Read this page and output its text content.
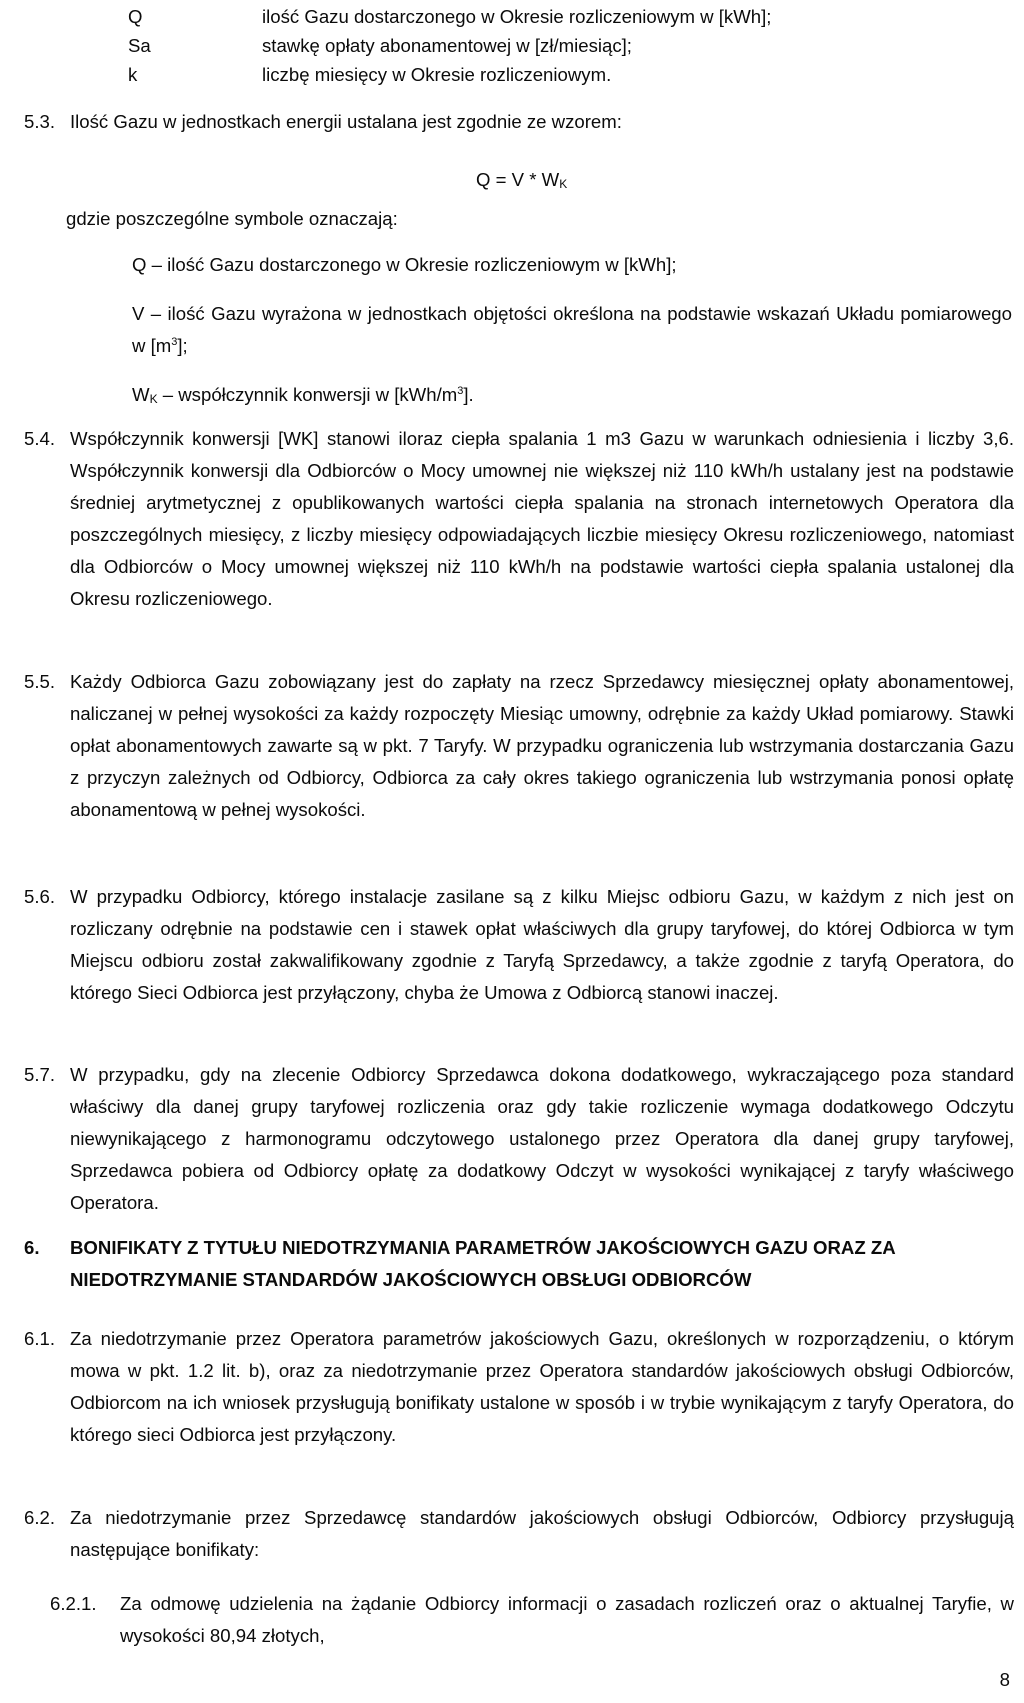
Q	ilość Gazu dostarczonego w Okresie rozliczeniowym w [kWh];
Sa	stawkę opłaty abonamentowej w [zł/miesiąc];
k	liczbę miesięcy w Okresie rozliczeniowym.
5.3. Ilość Gazu w jednostkach energii ustalana jest zgodnie ze wzorem:
Q = V * WK
gdzie poszczególne symbole oznaczają:
Q – ilość Gazu dostarczonego w Okresie rozliczeniowym w [kWh];
V – ilość Gazu wyrażona w jednostkach objętości określona na podstawie wskazań Układu pomiarowego w $[m^3]$;
WK – współczynnik konwersji w $[kWh/m^3]$.
5.4. Współczynnik konwersji [WK] stanowi iloraz ciepła spalania 1 m3 Gazu w warunkach odniesienia i liczby 3,6. Współczynnik konwersji dla Odbiorców o Mocy umownej nie większej niż 110 kWh/h ustalany jest na podstawie średniej arytmetycznej z opublikowanych wartości ciepła spalania na stronach internetowych Operatora dla poszczególnych miesięcy, z liczby miesięcy odpowiadających liczbie miesięcy Okresu rozliczeniowego, natomiast dla Odbiorców o Mocy umownej większej niż 110 kWh/h na podstawie wartości ciepła spalania ustalonej dla Okresu rozliczeniowego.
5.5. Każdy Odbiorca Gazu zobowiązany jest do zapłaty na rzecz Sprzedawcy miesięcznej opłaty abonamentowej, naliczanej w pełnej wysokości za każdy rozpoczęty Miesiąc umowny, odrębnie za każdy Układ pomiarowy. Stawki opłat abonamentowych zawarte są w pkt. 7 Taryfy. W przypadku ograniczenia lub wstrzymania dostarczania Gazu z przyczyn zależnych od Odbiorcy, Odbiorca za cały okres takiego ograniczenia lub wstrzymania ponosi opłatę abonamentową w pełnej wysokości.
5.6. W przypadku Odbiorcy, którego instalacje zasilane są z kilku Miejsc odbioru Gazu, w każdym z nich jest on rozliczany odrębnie na podstawie cen i stawek opłat właściwych dla grupy taryfowej, do której Odbiorca w tym Miejscu odbioru został zakwalifikowany zgodnie z Taryfą Sprzedawcy, a także zgodnie z taryfą Operatora, do którego Sieci Odbiorca jest przyłączony, chyba że Umowa z Odbiorcą stanowi inaczej.
5.7. W przypadku, gdy na zlecenie Odbiorcy Sprzedawca dokona dodatkowego, wykraczającego poza standard właściwy dla danej grupy taryfowej rozliczenia oraz gdy takie rozliczenie wymaga dodatkowego Odczytu niewynikającego z harmonogramu odczytowego ustalonego przez Operatora dla danej grupy taryfowej, Sprzedawca pobiera od Odbiorcy opłatę za dodatkowy Odczyt w wysokości wynikającej z taryfy właściwego Operatora.
6. BONIFIKATY Z TYTUŁU NIEDOTRZYMANIA PARAMETRÓW JAKOŚCIOWYCH GAZU ORAZ ZA NIEDOTRZYMANIE STANDARDÓW JAKOŚCIOWYCH OBSŁUGI ODBIORCÓW
6.1. Za niedotrzymanie przez Operatora parametrów jakościowych Gazu, określonych w rozporządzeniu, o którym mowa w pkt. 1.2 lit. b), oraz za niedotrzymanie przez Operatora standardów jakościowych obsługi Odbiorców, Odbiorcom na ich wniosek przysługują bonifikaty ustalone w sposób i w trybie wynikającym z taryfy Operatora, do którego sieci Odbiorca jest przyłączony.
6.2. Za niedotrzymanie przez Sprzedawcę standardów jakościowych obsługi Odbiorców, Odbiorcy przysługują następujące bonifikaty:
6.2.1.	Za odmowę udzielenia na żądanie Odbiorcy informacji o zasadach rozliczeń oraz o aktualnej Taryfie, w wysokości 80,94 złotych,
8
